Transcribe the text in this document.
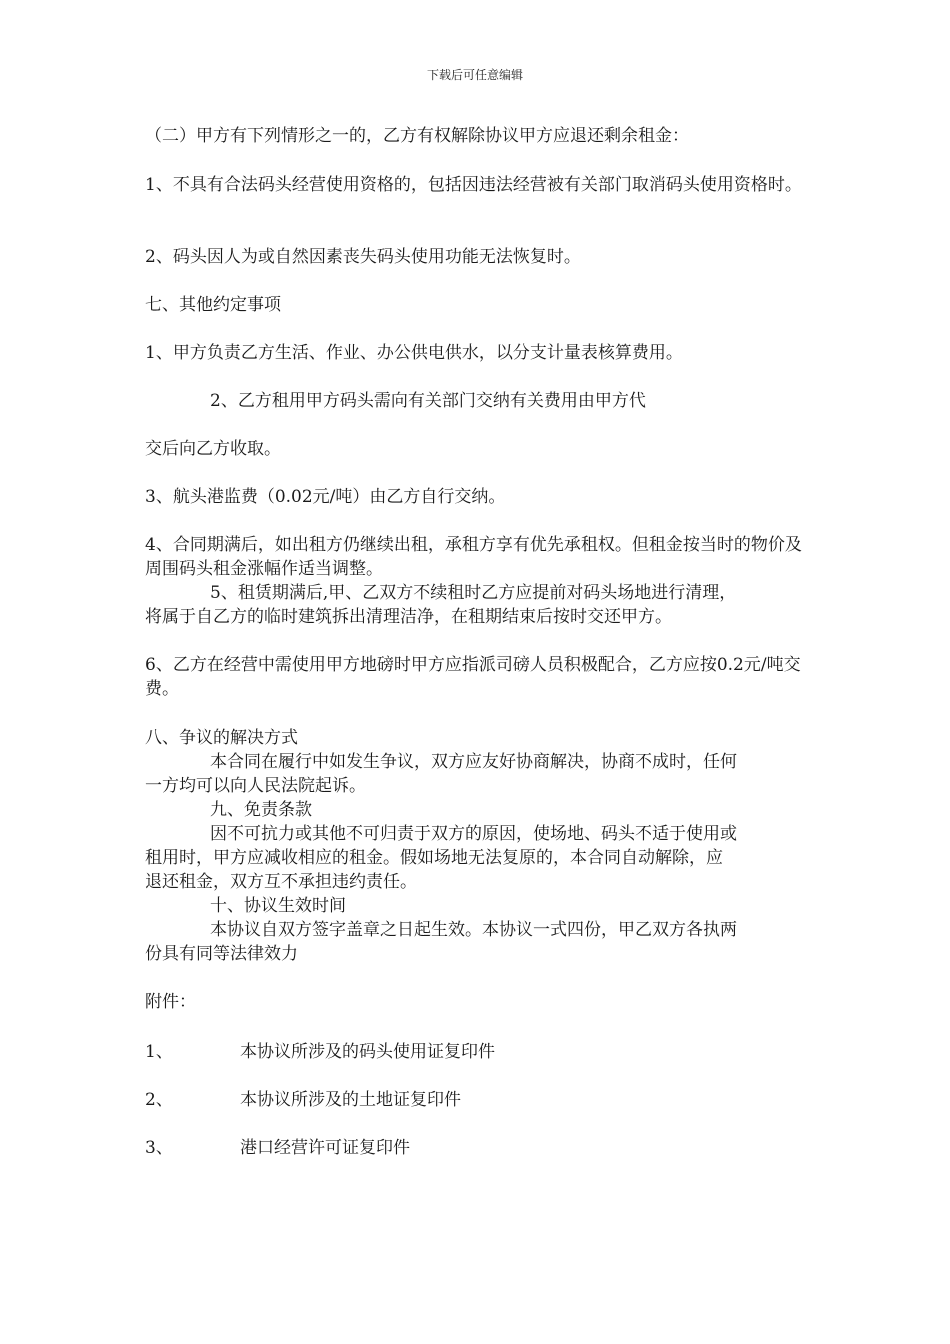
下载后可任意编辑

（二）甲方有下列情形之一的，乙方有权解除协议甲方应退还剩余租金：

1、不具有合法码头经营使用资格的，包括因违法经营被有关部门取消码头使用资格时。

2、码头因人为或自然因素丧失码头使用功能无法恢复时。

七、其他约定事项

1、甲方负责乙方生活、作业、办公供电供水，以分支计量表核算费用。

2、乙方租用甲方码头需向有关部门交纳有关费用由甲方代

交后向乙方收取。

3、航头港监费（0.02元/吨）由乙方自行交纳。

4、合同期满后，如出租方仍继续出租，承租方享有优先承租权。但租金按当时的物价及周围码头租金涨幅作适当调整。

5、租赁期满后,甲、乙双方不续租时乙方应提前对码头场地进行清理，

将属于自乙方的临时建筑拆出清理洁净，在租期结束后按时交还甲方。

6、乙方在经营中需使用甲方地磅时甲方应指派司磅人员积极配合，乙方应按0.2元/吨交费。

八、争议的解决方式

本合同在履行中如发生争议，双方应友好协商解决，协商不成时，任何

一方均可以向人民法院起诉。

九、免责条款

因不可抗力或其他不可归责于双方的原因，使场地、码头不适于使用或

租用时，甲方应减收相应的租金。假如场地无法复原的，本合同自动解除，应

退还租金，双方互不承担违约责任。

十、协议生效时间

本协议自双方签字盖章之日起生效。本协议一式四份，甲乙双方各执两

份具有同等法律效力

附件：

1、	本协议所涉及的码头使用证复印件

2、	本协议所涉及的土地证复印件

3、	港口经营许可证复印件
